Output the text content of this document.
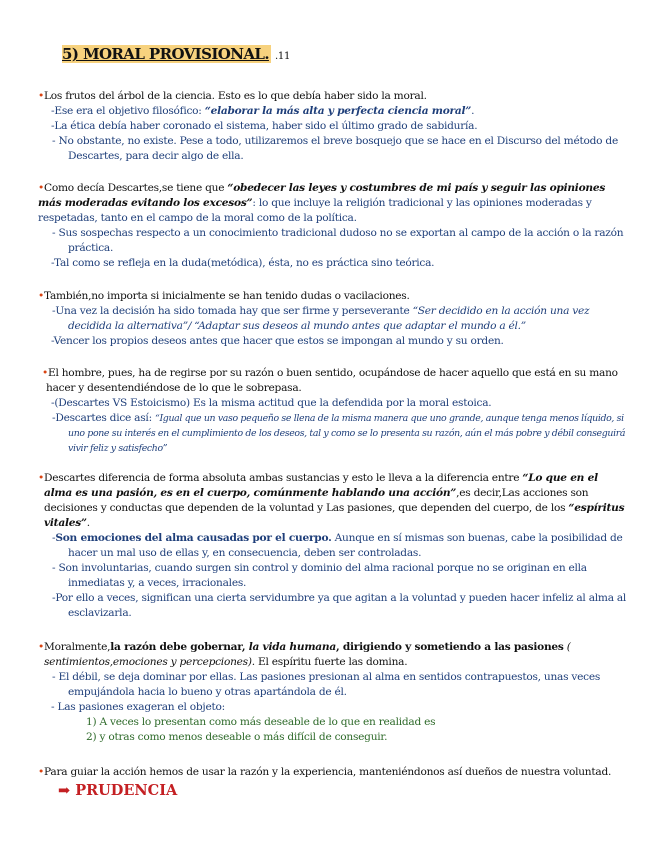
5) MORAL PROVISIONAL. .11
•Los frutos del árbol de la ciencia. Esto es lo que debía haber sido la moral.
-Ese era el objetivo filosófico: “elaborar la más alta y perfecta ciencia moral”.
-La ética debía haber coronado el sistema, haber sido el último grado de sabiduría.
- No obstante, no existe. Pese a todo, utilizaremos el breve bosquejo que se hace en el Discurso del método de Descartes, para decir algo de ella.
•Como decía Descartes,se tiene que “obedecer las leyes y costumbres de mi país y seguir las opiniones más moderadas evitando los excesos”: lo que incluye la religión tradicional y las opiniones moderadas y respetadas, tanto en el campo de la moral como de la política.
- Sus sospechas respecto a un conocimiento tradicional dudoso no se exportan al campo de la acción o la razón práctica.
-Tal como se refleja en la duda(metódica), ésta, no es práctica sino teórica.
•También,no importa si inicialmente se han tenido dudas o vacilaciones.
-Una vez la decisión ha sido tomada hay que ser firme y perseverante “Ser decidido en la acción una vez decidida la alternativa”/ “Adaptar sus deseos al mundo antes que adaptar el mundo a él.”
-Vencer los propios deseos antes que hacer que estos se impongan al mundo y su orden.
•El hombre, pues, ha de regirse por su razón o buen sentido, ocupándose de hacer aquello que está en su mano hacer y desentendiéndose de lo que le sobrepasa.
-(Descartes VS Estoicismo) Es la misma actitud que la defendida por la moral estoica.
-Descartes dice así: “Igual que un vaso pequeño se llena de la misma manera que uno grande, aunque tenga menos líquido, si uno pone su interés en el cumplimiento de los deseos, tal y como se lo presenta su razón, aún el más pobre y débil conseguirá vivir feliz y satisfecho”
•Descartes diferencia de forma absoluta ambas sustancias y esto le lleva a la diferencia entre “Lo que en el alma es una pasión, es en el cuerpo, comúnmente hablando una acción”,es decir,Las acciones son decisiones y conductas que dependen de la voluntad y Las pasiones, que dependen del cuerpo, de los “espíritus vitales”.
-Son emociones del alma causadas por el cuerpo. Aunque en sí mismas son buenas, cabe la posibilidad de hacer un mal uso de ellas y, en consecuencia, deben ser controladas.
- Son involuntarias, cuando surgen sin control y dominio del alma racional porque no se originan en ella inmediatas y, a veces, irracionales.
-Por ello a veces, significan una cierta servidumbre ya que agitan a la voluntad y pueden hacer infeliz al alma al esclavizarla.
•Moralmente,la razón debe gobernar, la vida humana, dirigiendo y sometiendo a las pasiones ( sentimientos,emociones y percepciones). El espíritu fuerte las domina.
- El débil, se deja dominar por ellas. Las pasiones presionan al alma en sentidos contrapuestos, unas veces empujándola hacia lo bueno y otras apartándola de él.
- Las pasiones exageran el objeto:
1) A veces lo presentan como más deseable de lo que en realidad es
2) y otras como menos deseable o más difícil de conseguir.
•Para guiar la acción hemos de usar la razón y la experiencia, manteniéndonos así dueños de nuestra voluntad.
➡ PRUDENCIA
